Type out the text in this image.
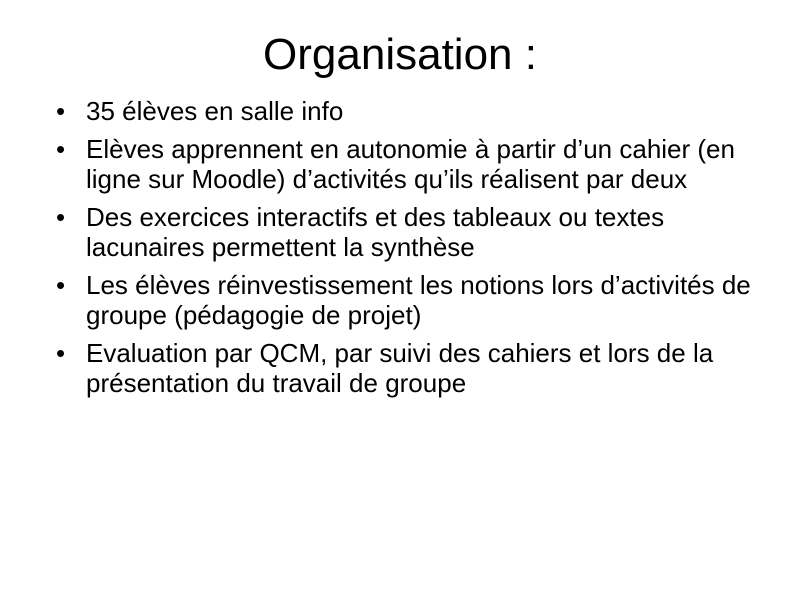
Organisation :
• 35 élèves en salle info
• Elèves apprennent en autonomie à partir d’un cahier (en ligne sur Moodle) d’activités qu’ils réalisent par deux
• Des exercices interactifs et des tableaux ou textes lacunaires permettent la synthèse
• Les élèves réinvestissement les notions lors d’activités de groupe (pédagogie de projet)
• Evaluation par QCM, par suivi des cahiers et lors de la présentation du travail de groupe
